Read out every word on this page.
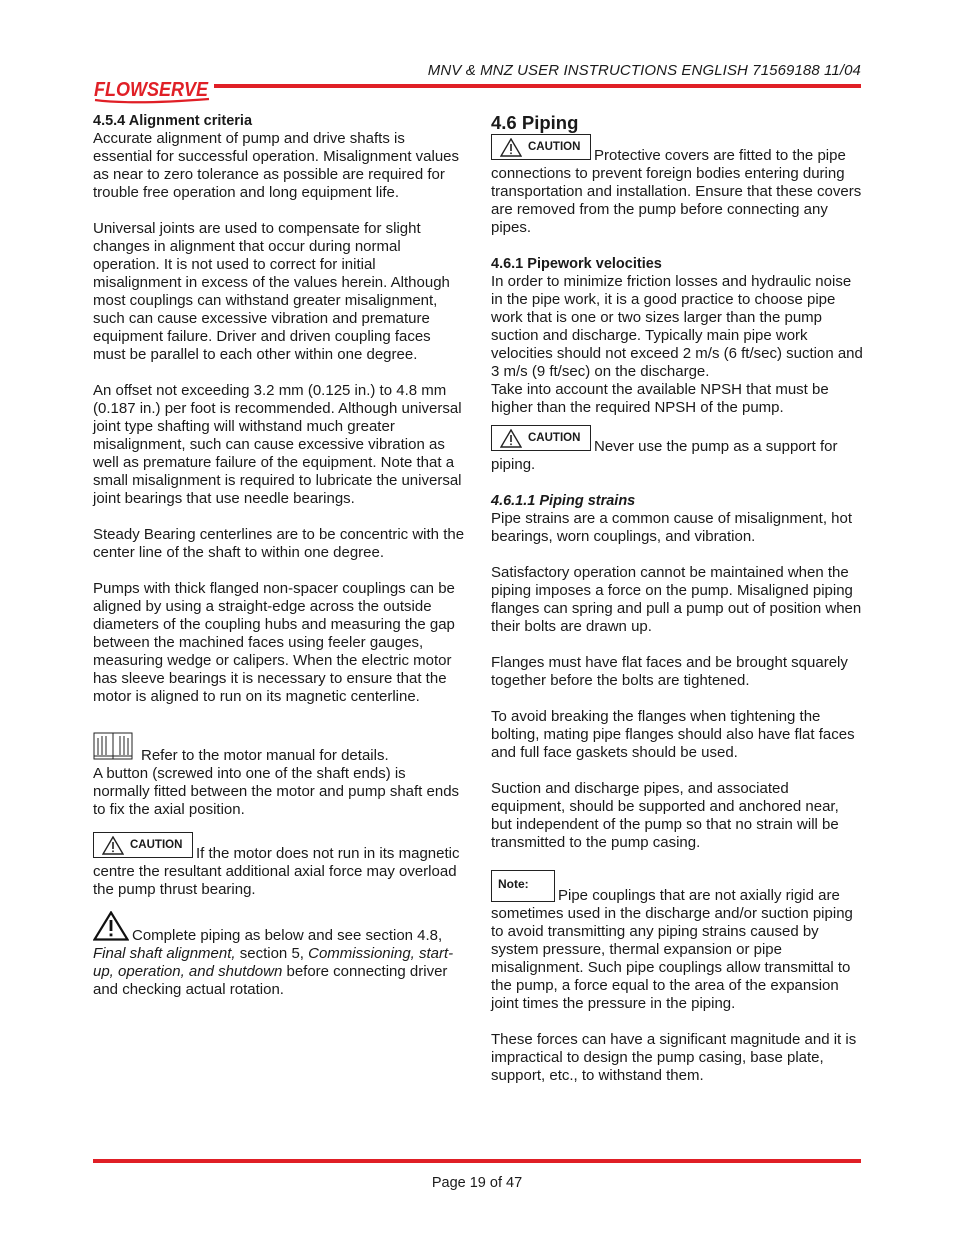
MNV & MNZ USER INSTRUCTIONS ENGLISH 71569188 11/04
FLOWSERVE

4.5.4 Alignment criteria

Accurate alignment of pump and drive shafts is essential for successful operation. Misalignment values as near to zero tolerance as possible are required for trouble free operation and long equipment life.

Universal joints are used to compensate for slight changes in alignment that occur during normal operation. It is not used to correct for initial misalignment in excess of the values herein. Although most couplings can withstand greater misalignment, such can cause excessive vibration and premature equipment failure. Driver and driven coupling faces must be parallel to each other within one degree.

An offset not exceeding 3.2 mm (0.125 in.) to 4.8 mm (0.187 in.) per foot is recommended. Although universal joint type shafting will withstand much greater misalignment, such can cause excessive vibration as well as premature failure of the equipment. Note that a small misalignment is required to lubricate the universal joint bearings that use needle bearings.

Steady Bearing centerlines are to be concentric with the center line of the shaft to within one degree.

Pumps with thick flanged non-spacer couplings can be aligned by using a straight-edge across the outside diameters of the coupling hubs and measuring the gap between the machined faces using feeler gauges, measuring wedge or calipers. When the electric motor has sleeve bearings it is necessary to ensure that the motor is aligned to run on its magnetic centerline.

Refer to the motor manual for details.

A button (screwed into one of the shaft ends) is normally fitted between the motor and pump shaft ends to fix the axial position.

CAUTION If the motor does not run in its magnetic centre the resultant additional axial force may overload the pump thrust bearing.

Complete piping as below and see section 4.8, Final shaft alignment, section 5, Commissioning, start-up, operation, and shutdown before connecting driver and checking actual rotation.

4.6 Piping

CAUTION Protective covers are fitted to the pipe connections to prevent foreign bodies entering during transportation and installation. Ensure that these covers are removed from the pump before connecting any pipes.

4.6.1 Pipework velocities

In order to minimize friction losses and hydraulic noise in the pipe work, it is a good practice to choose pipe work that is one or two sizes larger than the pump suction and discharge. Typically main pipe work velocities should not exceed 2 m/s (6 ft/sec) suction and 3 m/s (9 ft/sec) on the discharge.

Take into account the available NPSH that must be higher than the required NPSH of the pump.

CAUTION Never use the pump as a support for piping.

4.6.1.1 Piping strains

Pipe strains are a common cause of misalignment, hot bearings, worn couplings, and vibration.

Satisfactory operation cannot be maintained when the piping imposes a force on the pump. Misaligned piping flanges can spring and pull a pump out of position when their bolts are drawn up.

Flanges must have flat faces and be brought squarely together before the bolts are tightened.

To avoid breaking the flanges when tightening the bolting, mating pipe flanges should also have flat faces and full face gaskets should be used.

Suction and discharge pipes, and associated equipment, should be supported and anchored near, but independent of the pump so that no strain will be transmitted to the pump casing.

Note:
Pipe couplings that are not axially rigid are sometimes used in the discharge and/or suction piping to avoid transmitting any piping strains caused by system pressure, thermal expansion or pipe misalignment. Such pipe couplings allow transmittal to the pump, a force equal to the area of the expansion joint times the pressure in the piping.

These forces can have a significant magnitude and it is impractical to design the pump casing, base plate, support, etc., to withstand them.

Page 19 of 47
